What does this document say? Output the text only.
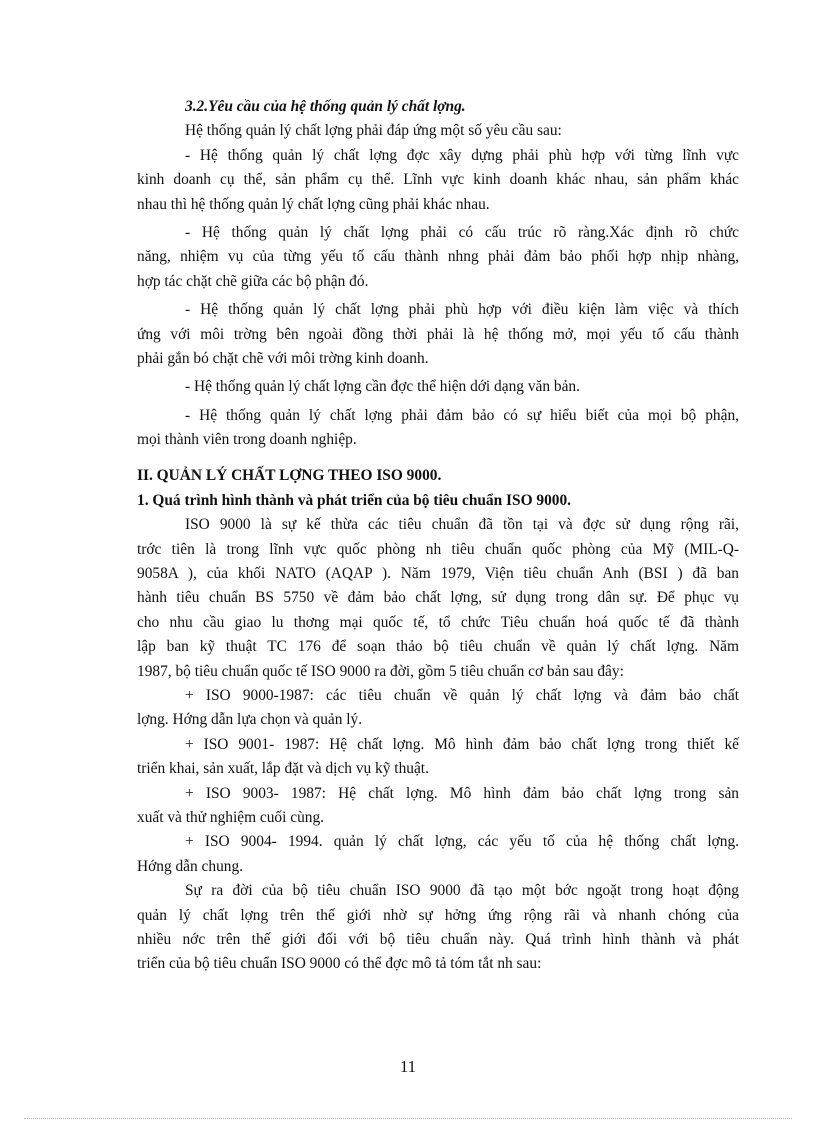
3.2.Yêu cầu của hệ thống quản lý chất lợng.
Hệ thống quản lý chất lợng phải đáp ứng một số yêu cầu sau:
- Hệ thống quản lý chất lợng đợc xây dựng phải phù hợp với từng lĩnh vực
kinh doanh cụ thể, sản phẩm cụ thể. Lĩnh vực kinh doanh khác nhau, sản phẩm khác
nhau thì hệ thống quản lý chất lợng cũng phải khác nhau.
- Hệ thống quản lý chất lợng phải có cấu trúc rõ ràng.Xác định rõ chức
năng, nhiệm vụ của từng yếu tố cấu thành nhng phải đảm bảo phối hợp nhịp nhàng,
hợp tác chặt chẽ giữa các bộ phận đó.
- Hệ thống quản lý chất lợng phải phù hợp với điều kiện làm việc và thích
ứng với môi trờng bên ngoài đồng thời phải là hệ thống mở, mọi yếu tố cấu thành
phải gắn bó chặt chẽ với môi trờng kinh doanh.
- Hệ thống quản lý chất lợng cần đợc thể hiện dới dạng văn bản.
- Hệ thống quản lý chất lợng phải đảm bảo có sự hiểu biết của mọi bộ phận,
mọi thành viên trong doanh nghiệp.
II. QUẢN LÝ CHẤT LỢNG THEO ISO 9000.
1. Quá trình hình thành và phát triển của bộ tiêu chuẩn ISO 9000.
ISO 9000 là sự kế thừa các tiêu chuẩn đã tồn tại và đợc sử dụng rộng rãi,
trớc tiên là trong lĩnh vực quốc phòng nh tiêu chuẩn quốc phòng của Mỹ (MIL-Q-
9058A ), của khối NATO (AQAP ). Năm 1979, Viện tiêu chuẩn Anh (BSI ) đã ban
hành tiêu chuẩn BS 5750 về đảm bảo chất lợng, sử dụng trong dân sự. Để phục vụ
cho nhu cầu giao lu thơng mại quốc tế, tổ chức Tiêu chuẩn hoá quốc tế đã thành
lập ban kỹ thuật TC 176 để soạn thảo bộ tiêu chuẩn về quản lý chất lợng. Năm
1987, bộ tiêu chuẩn quốc tế ISO 9000 ra đời, gồm 5 tiêu chuẩn cơ bản sau đây:
+ ISO 9000-1987: các tiêu chuẩn về quản lý chất lợng và đảm bảo chất
lợng. Hớng dẫn lựa chọn và quản lý.
+ ISO 9001- 1987: Hệ chất lợng. Mô hình đảm bảo chất lợng trong thiết kế
triển khai, sản xuất, lắp đặt và dịch vụ kỹ thuật.
+ ISO 9003- 1987: Hệ chất lợng. Mô hình đảm bảo chất lợng trong sản
xuất và thử nghiệm cuối cùng.
+ ISO 9004- 1994. quản lý chất lợng, các yếu tố của hệ thống chất lợng.
Hớng dẫn chung.
Sự ra đời của bộ tiêu chuẩn ISO 9000 đã tạo một bớc ngoặt trong hoạt động
quản lý chất lợng trên thế giới nhờ sự hởng ứng rộng rãi và nhanh chóng của
nhiều nớc trên thế giới đối với bộ tiêu chuẩn này. Quá trình hình thành và phát
triển của bộ tiêu chuẩn ISO 9000 có thể đợc mô tả tóm tắt nh sau:
11
